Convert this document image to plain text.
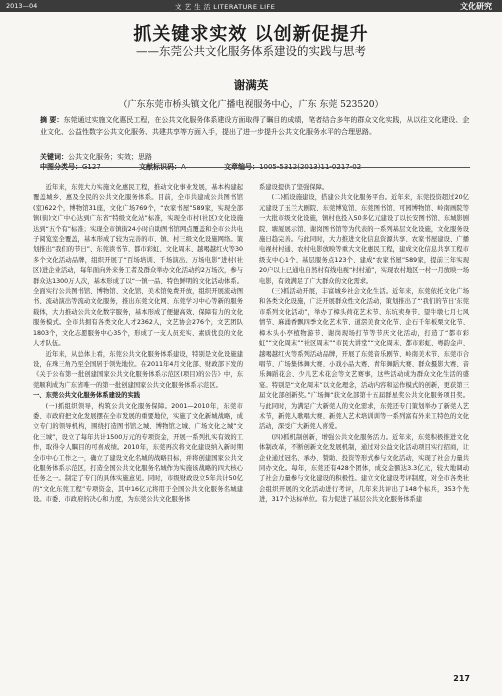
2013—04	文 艺 生 活 LITERATURE LIFE	文化研究
抓关键求实效 以创新促提升
——东莞公共文化服务体系建设的实践与思考
谢满英
（广东东莞市桥头镇文化广播电视服务中心，广东 东莞 523520）
摘 要：东莞通过实施文化惠民工程，在公共文化服务体系建设方面取得了瞩目的成绩，笔者结合多年的群众文化实践，从以往文化建设、企业文化、公益性数字公共文化服务、共建共享等方面入手，提出了进一步提升公共文化服务水平的合理思路。
关键词：公共文化服务；实效；思路
中图分类号：G127	文献标识码：A	文章编号：1005-5312(2013)11-0217-02

近年来，东莞大力实施文化惠民工程，推动文化事业发展，基本构建起覆盖城乡、惠及全民的公共文化服务体系。目前，全市共建成公共图书馆(室)622个，博物馆31座，文化广场769个，“农家书屋”589家，实现全部镇(街)文广中心达到广东省“特级文化站”标准，实现全市村(社区)文化设施达到“五个有”标准；实现全市镇街24小时自助图书馆网点覆盖和全市公共电子阅览室全覆盖，基本形成了较为完善的市、镇、村三级文化设施网络。策划推出“我们的节日”、东莞读书节、都市彩虹、文化周末、越喝越红火等30多个文化活动品牌，组织开展了“百场培训、千场演出、万场电影”进村(社区)进企业活动，每年面向外来务工者及群众举办文化活动约2万场次，参与群众达1300万人次，基本形成了以“一镇一品、特色鲜明的文化活动体系。全面实行公共图书馆、博物馆、文化馆、美术馆免费开放，组织开展流动图书、流动演出等流动文化服务，推出东莞文化网、东莞学习中心等新的服务载体，大力推动公共文化数字服务，基本形成了便捷高效、保障有力的文化服务模式。全市共拥有各类文化人才2362人，文艺协会276个，文艺团队1803个，文化志愿服务中心35个，形成了一支人员充实、素质优良的文化人才队伍。

近年来，从总体上看，东莞公共文化服务体系建设，特别是文化设施建设，在珠三角乃至全国居于领先地位。在2011年4月文化部、财政部下发的《关于公布第一批创建国家公共文化服务体系示范区(项目)的公告》中，东莞顺利成为广东省唯一的第一批创建国家公共文化服务体系示范区。

一、东莞公共文化服务体系建设的实践

(一)抓组织领导，构筑公共文化服务保障。2001—2010年，东莞市委、市政府把文化发展摆在全市发展的重要地位，实施了文化新城战略，成立专门的领导机构，围绕打造图书馆之城、博物馆之城、广场文化之城“文化三城”，设立了每年共计1500万元的专项资金，开展一系列扎实有效的工作，取得令人瞩目的可喜成绩。2010年，东莞再次将文化建设纳入新时期全市中心工作之一，确立了建设文化名城的战略目标，并将创建国家公共文化服务体系示范区，打造全国公共文化服务名城作为实施该战略的四大核心任务之一。制定了专门的具体实施意见。同时，市级财政设立5年共计50亿的“文化东莞工程”专项资金，其中16亿元将用于全国公共文化服务名城建设。市委、市政府的决心和力度，为东莞公共文化服务体

系建设提供了坚强保障。

(二)抓设施建设，搭建公共文化服务平台。近年来，东莞投资超过20亿元建设了玉兰大剧院、东莞博览馆、东莞图书馆、可园博物馆、岭南画院等一大批市级文化设施，镇村也投入50多亿元建设了以长安图书馆、东城影剧院、塘厦展示馆、谢岗图书馆等为代表的一系列基层文化设施，文化服务设施日趋完善。与此同时，大力推进文化信息资源共享、农家书屋建设、广播电视村村通、农村电影放映等重大文化惠民工程，建成文化信息共享工程市级支中心1个、基层服务点123个、建成“农家书屋”589家，提前三年实现20户以上已通电自然村有线电视“村村通”，实现农村地区一村一月放映一场电影，有效满足了广大群众的文化需求。

(三)抓活动开展，丰富城乡社会文化生活。近年来，东莞依托文化广场和各类文化设施，广泛开展群众性文化活动，策划推出了“‘我们的节日’东莞市系列文化活动”，举办了樟头荷花艺术节、东坑卖身节、望牛墩七月七风情节、麻涌香飘四季文化艺术节、道滘美食文化节、企石千年板栗文化节、樟木头小亭植物游节、谢岗现场打节等节庆文化活动，打造了“都市彩虹”“文化周末”“社区周末”“市民大讲堂”“文化周末、都市彩虹、粤韵金声、越喝越红火等系列活动品牌，开展了东莞音乐剧节、岭南美术节、东莞市合唱节、广场集体舞大赛、小戏小品大赛、青年舞蹈大赛、群众摄影大赛、音乐舞蹈花会、少儿艺术花会等文艺赛事，这些活动成为群众文化生活的盛宴。特别是“文化周末”以文化理念，活动内容和运作模式的创新，更获第三届文化部创新奖。”广场舞“获文化部第十五届群星奖公共文化服务项目奖。与此同时，为满足广大新莞人的文化需求，东莞还专门策划举办了新莞人艺术节，新莞人歌唱大赛、新莞人艺术培训训等一系列富有外来工特色的文化活动，深受广大新莞人喜爱。

(四)抓机制创新，增强公共文化服务活力。近年来，东莞积极推进文化体制改革，不断创新文化发展机制，通过对公益文化活动项目实行招商，让企业通过冠名、承办、赞助、投资等形式参与文化活动，实现了社会力量共同办文化。每年，东莞还有428个团体，成交金额达3.3亿元，较大地调动了社会力量参与文化建设的积极性。建立文化建设考评制度，对全市各类社会组织开展的文化活动进行考评，几年来共评出了148个标兵，353个先进，317个达标单位。有力促进了基层公共文化服务体系建

217
